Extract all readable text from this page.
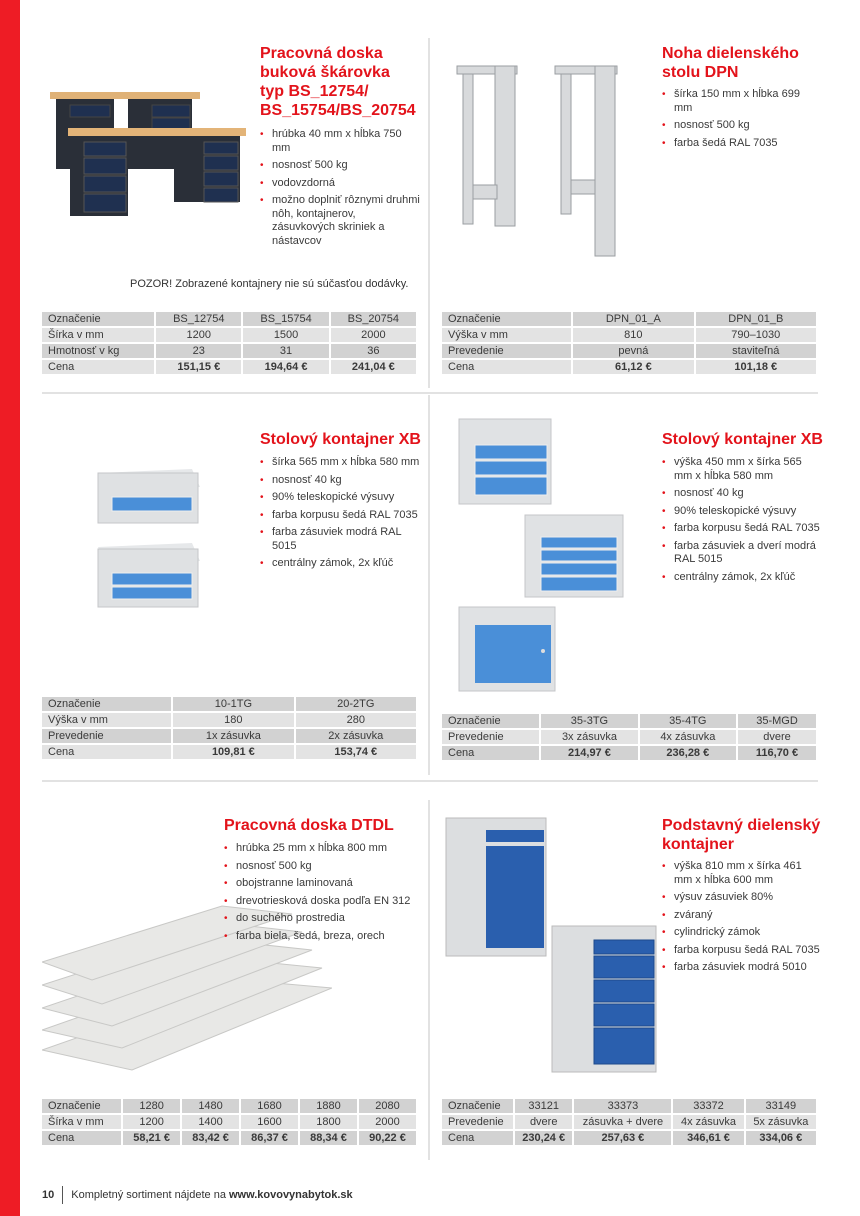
Pracovná doska
buková škárovka
typ BS_12754/
BS_15754/BS_20754
• hrúbka 40 mm x hĺbka 750 mm
• nosnosť 500 kg
• vodovzdorná
• možno doplniť rôznymi druhmi nôh, kontajnerov, zásuvkových skriniek a nástavcov
POZOR! Zobrazené kontajnery nie sú súčasťou dodávky.
Označenie	BS_12754	BS_15754	BS_20754
Šírka v mm	1200	1500	2000
Hmotnosť v kg	23	31	36
Cena	151,15 €	194,64 €	241,04 €
Noha dielenského
stolu DPN
• šírka 150 mm x hĺbka 699 mm
• nosnosť 500 kg
• farba šedá RAL 7035
Označenie	DPN_01_A	DPN_01_B
Výška v mm	810	790–1030
Prevedenie	pevná	staviteľná
Cena	61,12 €	101,18 €
Stolový kontajner XB
• šírka 565 mm x hĺbka 580 mm
• nosnosť 40 kg
• 90% teleskopické výsuvy
• farba korpusu šedá RAL 7035
• farba zásuviek modrá RAL 5015
• centrálny zámok, 2x kľúč
Označenie	10-1TG	20-2TG
Výška v mm	180	280
Prevedenie	1x zásuvka	2x zásuvka
Cena	109,81 €	153,74 €
Stolový kontajner XB
• výška 450 mm x šírka 565 mm x hĺbka 580 mm
• nosnosť 40 kg
• 90% teleskopické výsuvy
• farba korpusu šedá RAL 7035
• farba zásuviek a dverí modrá RAL 5015
• centrálny zámok, 2x kľúč
Označenie	35-3TG	35-4TG	35-MGD
Prevedenie	3x zásuvka	4x zásuvka	dvere
Cena	214,97 €	236,28 €	116,70 €
Pracovná doska DTDL
• hrúbka 25 mm x hĺbka 800 mm
• nosnosť 500 kg
• obojstranne laminovaná
• drevotriesková doska podľa EN 312
• do suchého prostredia
• farba biela, šedá, breza, orech
Označenie	1280	1480	1680	1880	2080
Šírka v mm	1200	1400	1600	1800	2000
Cena	58,21 €	83,42 €	86,37 €	88,34 €	90,22 €
Podstavný dielenský
kontajner
• výška 810 mm x šírka 461 mm x hĺbka 600 mm
• výsuv zásuviek 80%
• zváraný
• cylindrický zámok
• farba korpusu šedá RAL 7035
• farba zásuviek modrá 5010
Označenie	33121	33373	33372	33149
Prevedenie	dvere	zásuvka + dvere	4x zásuvka	5x zásuvka
Cena	230,24 €	257,63 €	346,61 €	334,06 €
10 Kompletný sortiment nájdete na www.kovovynabytok.sk
